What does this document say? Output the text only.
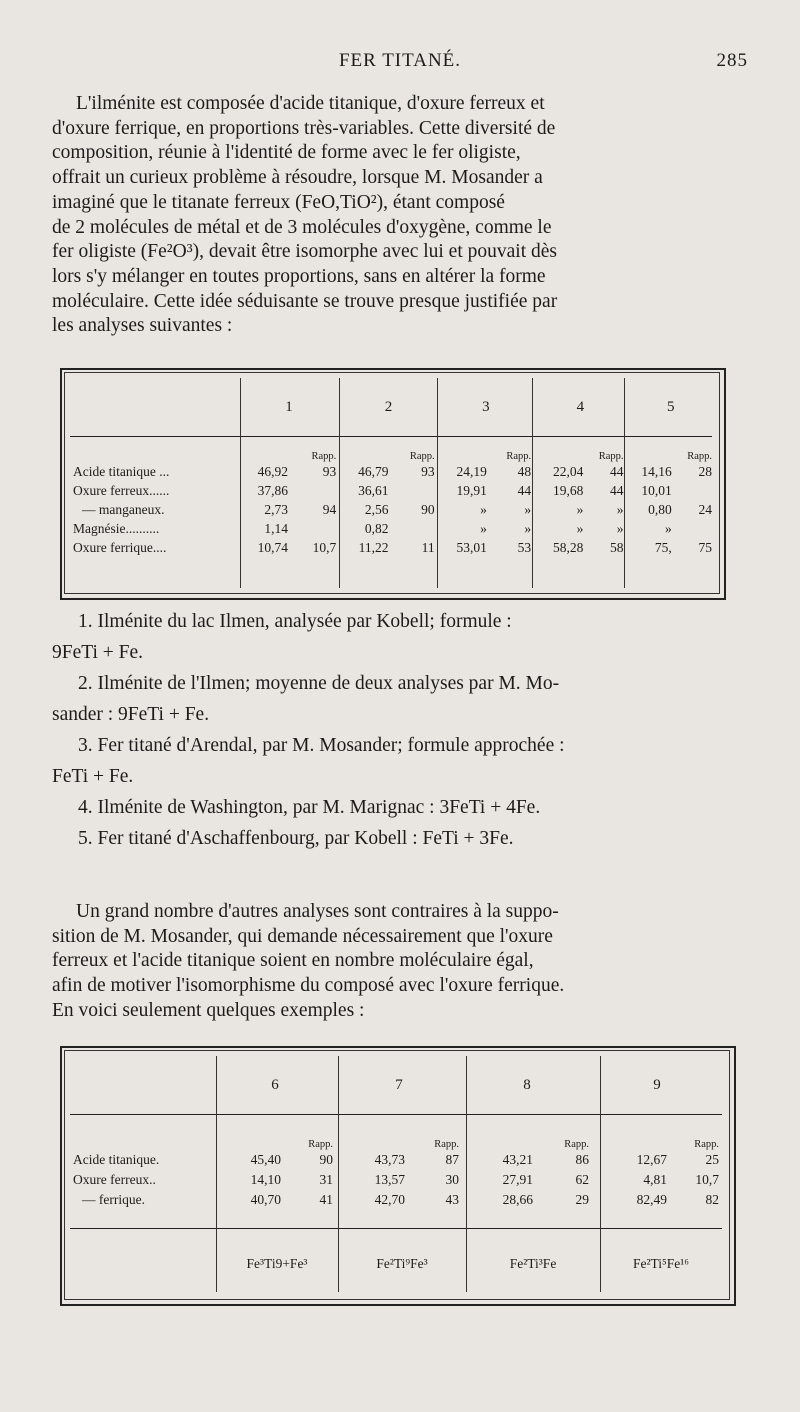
FER TITANÉ.	285
L'ilménite est composée d'acide titanique, d'oxure ferreux et
d'oxure ferrique, en proportions très-variables. Cette diversité de
composition, réunie à l'identité de forme avec le fer oligiste,
offrait un curieux problème à résoudre, lorsque M. Mosander a
imaginé que le titanate ferreux (FeO,TiO²), étant composé
de 2 molécules de métal et de 3 molécules d'oxygène, comme le
fer oligiste (Fe²O³), devait être isomorphe avec lui et pouvait dès
lors s'y mélanger en toutes proportions, sans en altérer la forme
moléculaire. Cette idée séduisante se trouve presque justifiée par
les analyses suivantes :
	1		2		3		4		5	
		Rapp.		Rapp.		Rapp.		Rapp.		Rapp.
Acide titanique ...	46,92	93	46,79	93	24,19	48	22,04	44	14,16	28
Oxure ferreux......	37,86		36,61		19,91	44	19,68	44	10,01	
— manganeux.	2,73	94	2,56	90	»	»	»	»	0,80	24
Magnésie..........	1,14		0,82		»	»	»	»	»	
Oxure ferrique....	10,74	10,7	11,22	11	53,01	53	58,28	58	75,	75
1. Ilménite du lac Ilmen, analysée par Kobell; formule :
9FeTi + Fe.
2. Ilménite de l'Ilmen; moyenne de deux analyses par M. Mo-
sander : 9FeTi + Fe.
3. Fer titané d'Arendal, par M. Mosander; formule approchée :
FeTi + Fe.
4. Ilménite de Washington, par M. Marignac : 3FeTi + 4Fe.
5. Fer titané d'Aschaffenbourg, par Kobell : FeTi + 3Fe.
Un grand nombre d'autres analyses sont contraires à la suppo-
sition de M. Mosander, qui demande nécessairement que l'oxure
ferreux et l'acide titanique soient en nombre moléculaire égal,
afin de motiver l'isomorphisme du composé avec l'oxure ferrique.
En voici seulement quelques exemples :
	6		7		8		9	
		Rapp.		Rapp.		Rapp.		Rapp.
Acide titanique.	45,40	90	43,73	87	43,21	86	12,67	25
Oxure ferreux..	14,10	31	13,57	30	27,91	62	4,81	10,7
— ferrique.	40,70	41	42,70	43	28,66	29	82,49	82
Fe³Ti9+Fe³	Fe²Ti⁹Fe³	Fe²Ti³Fe	Fe²Ti⁵Fe¹⁶
